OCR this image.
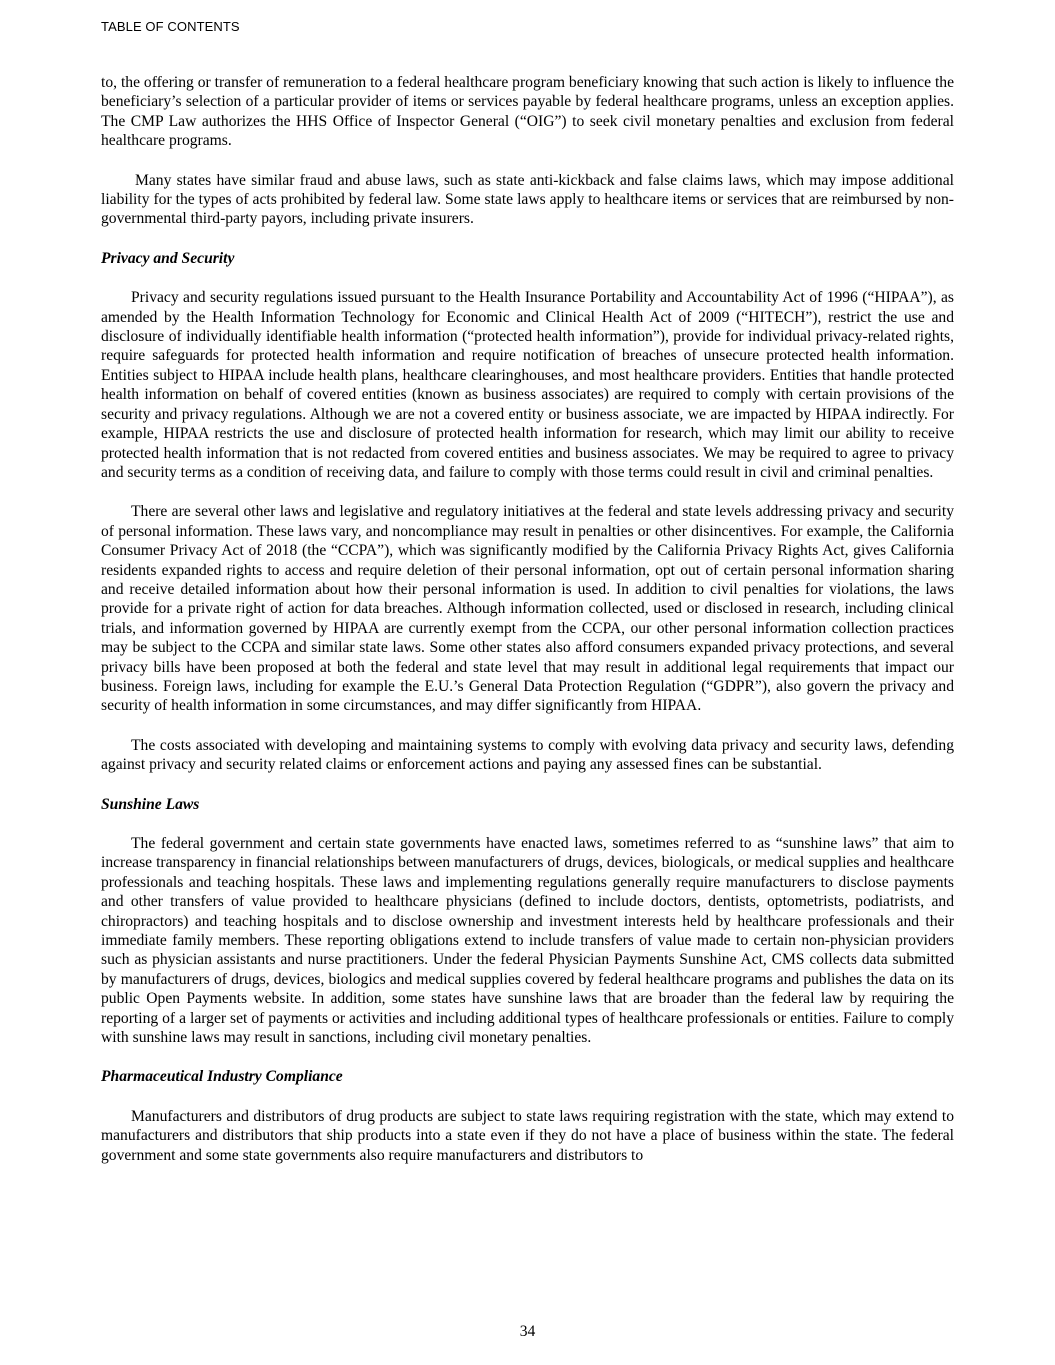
TABLE OF CONTENTS

to, the offering or transfer of remuneration to a federal healthcare program beneficiary knowing that such action is likely to influence the beneficiary’s selection of a particular provider of items or services payable by federal healthcare programs, unless an exception applies. The CMP Law authorizes the HHS Office of Inspector General (“OIG”) to seek civil monetary penalties and exclusion from federal healthcare programs.

Many states have similar fraud and abuse laws, such as state anti-kickback and false claims laws, which may impose additional liability for the types of acts prohibited by federal law. Some state laws apply to healthcare items or services that are reimbursed by non-governmental third-party payors, including private insurers.

Privacy and Security

Privacy and security regulations issued pursuant to the Health Insurance Portability and Accountability Act of 1996 (“HIPAA”), as amended by the Health Information Technology for Economic and Clinical Health Act of 2009 (“HITECH”), restrict the use and disclosure of individually identifiable health information (“protected health information”), provide for individual privacy-related rights, require safeguards for protected health information and require notification of breaches of unsecure protected health information. Entities subject to HIPAA include health plans, healthcare clearinghouses, and most healthcare providers. Entities that handle protected health information on behalf of covered entities (known as business associates) are required to comply with certain provisions of the security and privacy regulations. Although we are not a covered entity or business associate, we are impacted by HIPAA indirectly. For example, HIPAA restricts the use and disclosure of protected health information for research, which may limit our ability to receive protected health information that is not redacted from covered entities and business associates. We may be required to agree to privacy and security terms as a condition of receiving data, and failure to comply with those terms could result in civil and criminal penalties.

There are several other laws and legislative and regulatory initiatives at the federal and state levels addressing privacy and security of personal information. These laws vary, and noncompliance may result in penalties or other disincentives. For example, the California Consumer Privacy Act of 2018 (the “CCPA”), which was significantly modified by the California Privacy Rights Act, gives California residents expanded rights to access and require deletion of their personal information, opt out of certain personal information sharing and receive detailed information about how their personal information is used. In addition to civil penalties for violations, the laws provide for a private right of action for data breaches. Although information collected, used or disclosed in research, including clinical trials, and information governed by HIPAA are currently exempt from the CCPA, our other personal information collection practices may be subject to the CCPA and similar state laws. Some other states also afford consumers expanded privacy protections, and several privacy bills have been proposed at both the federal and state level that may result in additional legal requirements that impact our business. Foreign laws, including for example the E.U.’s General Data Protection Regulation (“GDPR”), also govern the privacy and security of health information in some circumstances, and may differ significantly from HIPAA.

The costs associated with developing and maintaining systems to comply with evolving data privacy and security laws, defending against privacy and security related claims or enforcement actions and paying any assessed fines can be substantial.

Sunshine Laws

The federal government and certain state governments have enacted laws, sometimes referred to as “sunshine laws” that aim to increase transparency in financial relationships between manufacturers of drugs, devices, biologicals, or medical supplies and healthcare professionals and teaching hospitals. These laws and implementing regulations generally require manufacturers to disclose payments and other transfers of value provided to healthcare physicians (defined to include doctors, dentists, optometrists, podiatrists, and chiropractors) and teaching hospitals and to disclose ownership and investment interests held by healthcare professionals and their immediate family members. These reporting obligations extend to include transfers of value made to certain non-physician providers such as physician assistants and nurse practitioners. Under the federal Physician Payments Sunshine Act, CMS collects data submitted by manufacturers of drugs, devices, biologics and medical supplies covered by federal healthcare programs and publishes the data on its public Open Payments website. In addition, some states have sunshine laws that are broader than the federal law by requiring the reporting of a larger set of payments or activities and including additional types of healthcare professionals or entities. Failure to comply with sunshine laws may result in sanctions, including civil monetary penalties.

Pharmaceutical Industry Compliance

Manufacturers and distributors of drug products are subject to state laws requiring registration with the state, which may extend to manufacturers and distributors that ship products into a state even if they do not have a place of business within the state. The federal government and some state governments also require manufacturers and distributors to

34
